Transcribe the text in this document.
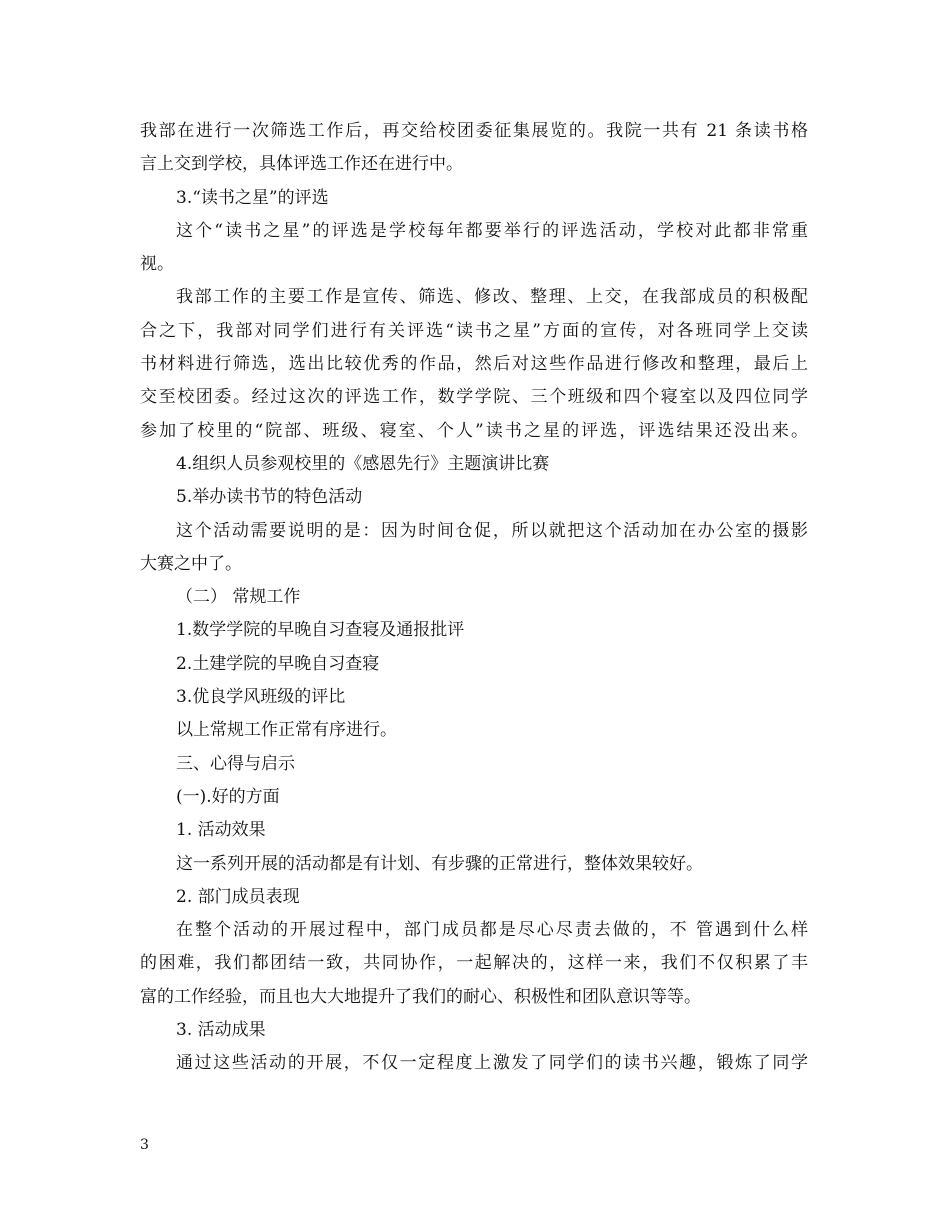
我部在进行一次筛选工作后，再交给校团委征集展览的。我院一共有 21 条读书格

言上交到学校，具体评选工作还在进行中。

3.“读书之星”的评选

这个“读书之星”的评选是学校每年都要举行的评选活动，学校对此都非常重

视。

我部工作的主要工作是宣传、筛选、修改、整理、上交，在我部成员的积极配

合之下，我部对同学们进行有关评选“读书之星”方面的宣传，对各班同学上交读

书材料进行筛选，选出比较优秀的作品，然后对这些作品进行修改和整理，最后上

交至校团委。经过这次的评选工作，数学学院、三个班级和四个寝室以及四位同学

参加了校里的“院部、班级、寝室、个人”读书之星的评选，评选结果还没出来。

4.组织人员参观校里的《感恩先行》主题演讲比赛

5.举办读书节的特色活动

这个活动需要说明的是：因为时间仓促，所以就把这个活动加在办公室的摄影

大赛之中了。

（二） 常规工作

1.数学学院的早晚自习查寝及通报批评

2.土建学院的早晚自习查寝

3.优良学风班级的评比

以上常规工作正常有序进行。

三、心得与启示

(一).好的方面

1. 活动效果

这一系列开展的活动都是有计划、有步骤的正常进行，整体效果较好。

2. 部门成员表现

在整个活动的开展过程中，部门成员都是尽心尽责去做的，不 管遇到什么样

的困难，我们都团结一致，共同协作，一起解决的，这样一来，我们不仅积累了丰

富的工作经验，而且也大大地提升了我们的耐心、积极性和团队意识等等。

3. 活动成果

通过这些活动的开展，不仅一定程度上激发了同学们的读书兴趣，锻炼了同学

3
